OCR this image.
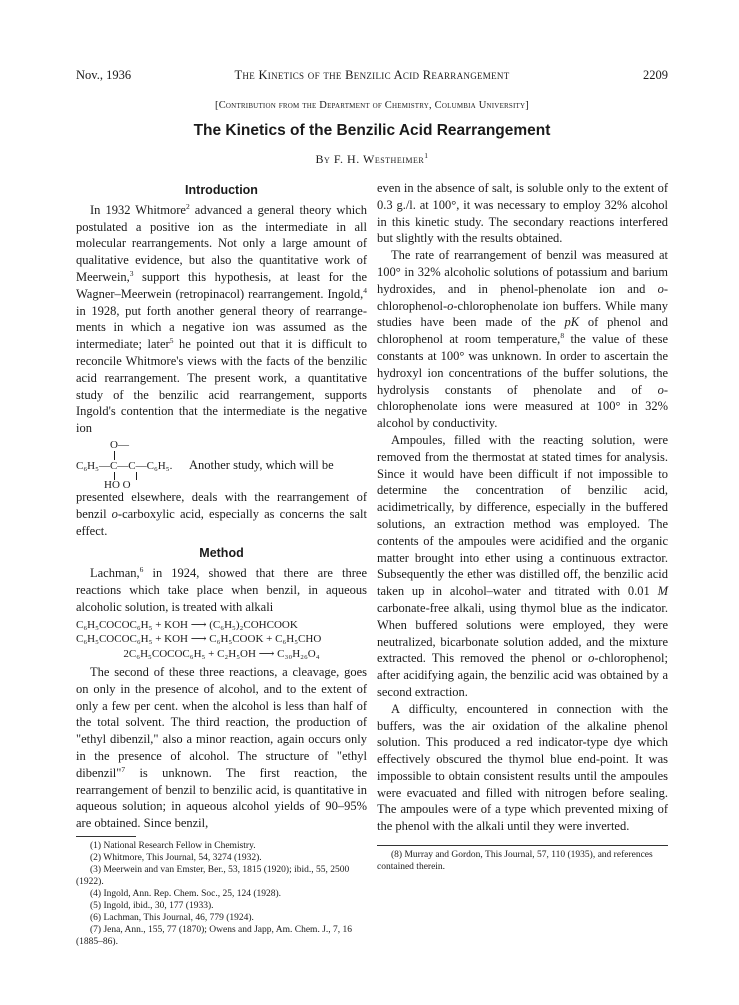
Nov., 1936	The Kinetics of the Benzilic Acid Rearrangement	2209
[Contribution from the Department of Chemistry, Columbia University]
The Kinetics of the Benzilic Acid Rearrangement
By F. H. Westheimer$^1$
Introduction

In 1932 Whitmore$^2$ advanced a general theory which postulated a positive ion as the intermediate in all molecular rearrangements. Not only a large amount of qualitative evidence, but also the quantitative work of Meerwein,$^3$ support this hypothesis, at least for the Wagner–Meerwein (retropinacol) rearrangement. Ingold,$^4$ in 1928, put forth another general theory of rearrangements in which a negative ion was assumed as the intermediate; later$^5$ he pointed out that it is difficult to reconcile Whitmore's views with the facts of the benzilic acid rearrangement. The present work, a quantitative study of the benzilic acid rearrangement, supports Ingold's contention that the intermediate is the negative ion

O—
C₆H₅—C—C—C₆H₅.
HO O
Another study, which will be

presented elsewhere, deals with the rearrangement of benzil o-carboxylic acid, especially as concerns the salt effect.

Method

Lachman,$^6$ in 1924, showed that there are three reactions which take place when benzil, in aqueous alcoholic solution, is treated with alkali

C₆H₅COCOC₆H₅ + KOH ⟶ (C₆H₅)₂COHCOOK
C₆H₅COCOC₆H₅ + KOH ⟶ C₆H₅COOK + C₆H₅CHO
2C₆H₅COCOC₆H₅ + C₂H₅OH ⟶ C₃₀H₂₆O₄

The second of these three reactions, a cleavage, goes on only in the presence of alcohol, and to the extent of only a few per cent. when the alcohol is less than half of the total solvent. The third reaction, the production of "ethyl dibenzil," also a minor reaction, again occurs only in the presence of alcohol. The structure of "ethyl dibenzil"$^7$ is unknown. The first reaction, the rearrangement of benzil to benzilic acid, is quantitative in aqueous solution; in aqueous alcohol yields of 90–95% are obtained. Since benzil,

(1) National Research Fellow in Chemistry.

(2) Whitmore, This Journal, 54, 3274 (1932).

(3) Meerwein and van Emster, Ber., 53, 1815 (1920); ibid., 55, 2500 (1922).

(4) Ingold, Ann. Rep. Chem. Soc., 25, 124 (1928).

(5) Ingold, ibid., 30, 177 (1933).

(6) Lachman, This Journal, 46, 779 (1924).

(7) Jena, Ann., 155, 77 (1870); Owens and Japp, Am. Chem. J., 7, 16 (1885–86).

even in the absence of salt, is soluble only to the extent of 0.3 g./l. at 100°, it was necessary to employ 32% alcohol in this kinetic study. The secondary reactions interfered but slightly with the results obtained.

The rate of rearrangement of benzil was measured at 100° in 32% alcoholic solutions of potassium and barium hydroxides, and in phenol-phenolate ion and o-chlorophenol-o-chlorophenolate ion buffers. While many studies have been made of the pK of phenol and chlorophenol at room temperature,$^8$ the value of these constants at 100° was unknown. In order to ascertain the hydroxyl ion concentrations of the buffer solutions, the hydrolysis constants of phenolate and of o-chlorophenolate ions were measured at 100° in 32% alcohol by conductivity.

Ampoules, filled with the reacting solution, were removed from the thermostat at stated times for analysis. Since it would have been difficult if not impossible to determine the concentration of benzilic acid, acidimetrically, by difference, especially in the buffered solutions, an extraction method was employed. The contents of the ampoules were acidified and the organic matter brought into ether using a continuous extractor. Subsequently the ether was distilled off, the benzilic acid taken up in alcohol–water and titrated with 0.01 M carbonate-free alkali, using thymol blue as the indicator. When buffered solutions were employed, they were neutralized, bicarbonate solution added, and the mixture extracted. This removed the phenol or o-chlorophenol; after acidifying again, the benzilic acid was obtained by a second extraction.

A difficulty, encountered in connection with the buffers, was the air oxidation of the alkaline phenol solution. This produced a red indicator-type dye which effectively obscured the thymol blue end-point. It was impossible to obtain consistent results until the ampoules were evacuated and filled with nitrogen before sealing. The ampoules were of a type which prevented mixing of the phenol with the alkali until they were inverted.

(8) Murray and Gordon, This Journal, 57, 110 (1935), and references contained therein.
